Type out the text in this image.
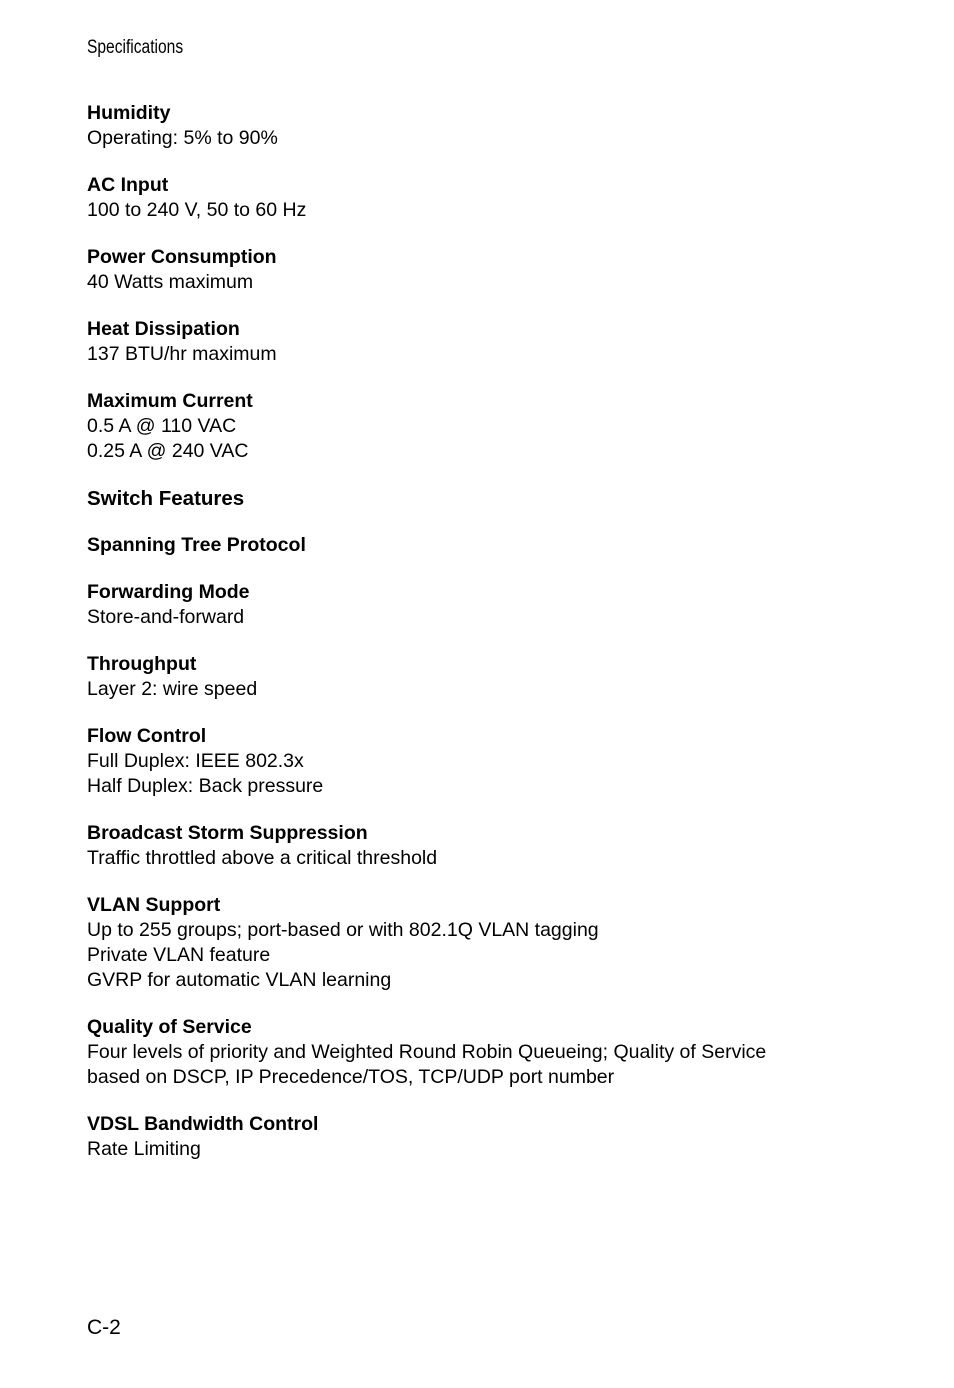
Specifications
Humidity
Operating: 5% to 90%
AC Input
100 to 240 V, 50 to 60 Hz
Power Consumption
40 Watts maximum
Heat Dissipation
137 BTU/hr maximum
Maximum Current
0.5 A @ 110 VAC
0.25 A @ 240 VAC
Switch Features
Spanning Tree Protocol
Forwarding Mode
Store-and-forward
Throughput
Layer 2: wire speed
Flow Control
Full Duplex: IEEE 802.3x
Half Duplex: Back pressure
Broadcast Storm Suppression
Traffic throttled above a critical threshold
VLAN Support
Up to 255 groups; port-based or with 802.1Q VLAN tagging
Private VLAN feature
GVRP for automatic VLAN learning
Quality of Service
Four levels of priority and Weighted Round Robin Queueing; Quality of Service
based on DSCP, IP Precedence/TOS, TCP/UDP port number
VDSL Bandwidth Control
Rate Limiting
C-2
